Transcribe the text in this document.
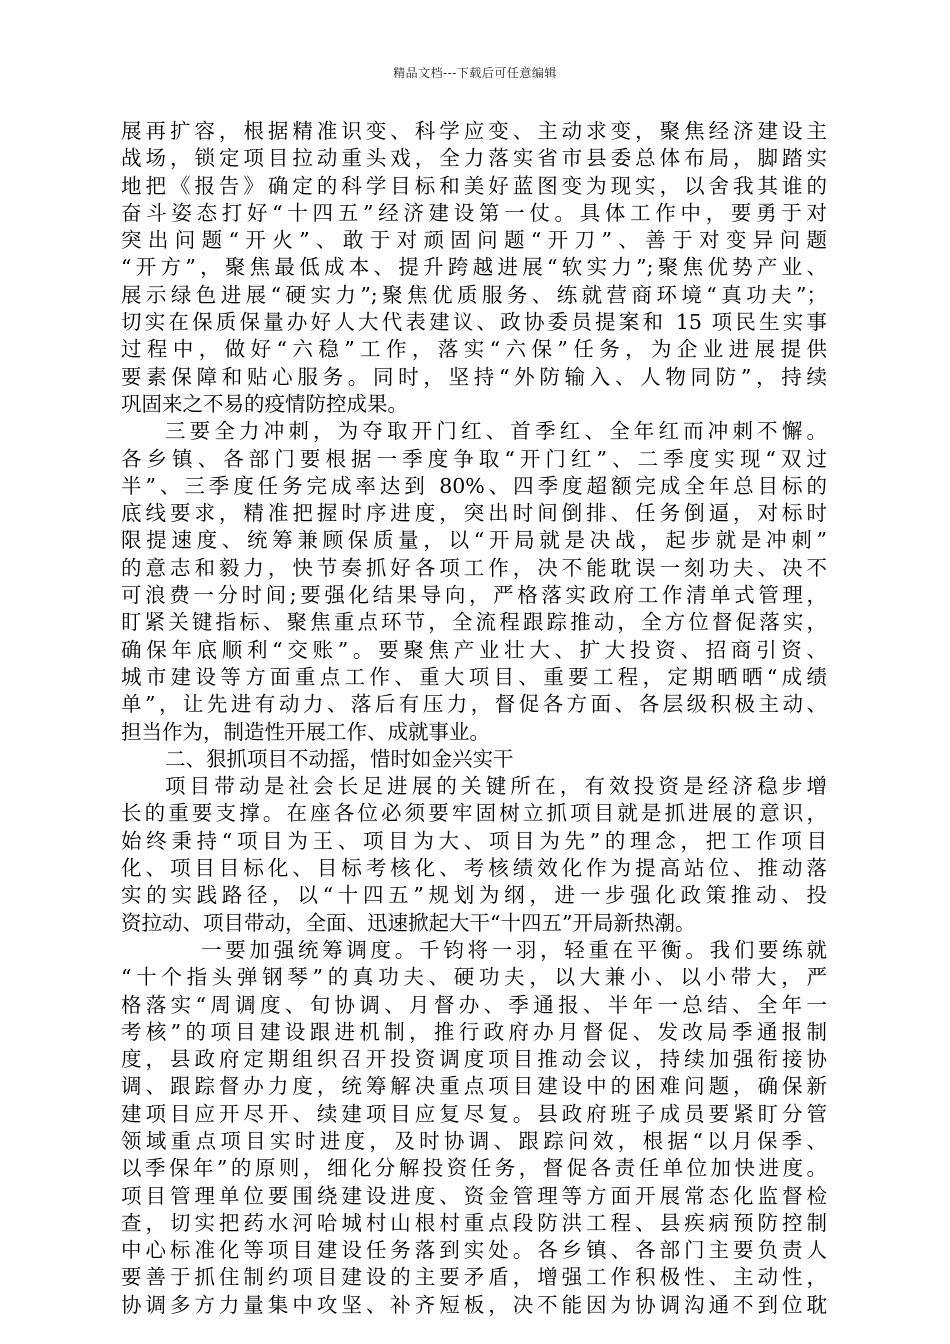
精品文档---下载后可任意编辑
展再扩容，根据精准识变、科学应变、主动求变，聚焦经济建设主
战场，锁定项目拉动重头戏，全力落实省市县委总体布局，脚踏实
地把《报告》确定的科学目标和美好蓝图变为现实，以舍我其谁的
奋斗姿态打好“十四五”经济建设第一仗。具体工作中，要勇于对
突出问题“开火”、敢于对顽固问题“开刀”、善于对变异问题
“开方”，聚焦最低成本、提升跨越进展“软实力”;聚焦优势产业、
展示绿色进展“硬实力”;聚焦优质服务、练就营商环境“真功夫”；
切实在保质保量办好人大代表建议、政协委员提案和 15 项民生实事
过程中，做好“六稳”工作，落实“六保”任务，为企业进展提供
要素保障和贴心服务。同时，坚持“外防输入、人物同防”，持续
巩固来之不易的疫情防控成果。
三要全力冲刺，为夺取开门红、首季红、全年红而冲刺不懈。
各乡镇、各部门要根据一季度争取“开门红”、二季度实现“双过
半”、三季度任务完成率达到 80%、四季度超额完成全年总目标的
底线要求，精准把握时序进度，突出时间倒排、任务倒逼，对标时
限提速度、统筹兼顾保质量，以“开局就是决战，起步就是冲刺”
的意志和毅力，快节奏抓好各项工作，决不能耽误一刻功夫、决不
可浪费一分时间;要强化结果导向，严格落实政府工作清单式管理，
盯紧关键指标、聚焦重点环节，全流程跟踪推动，全方位督促落实，
确保年底顺利“交账”。要聚焦产业壮大、扩大投资、招商引资、
城市建设等方面重点工作、重大项目、重要工程，定期晒晒“成绩
单”，让先进有动力、落后有压力，督促各方面、各层级积极主动、
担当作为，制造性开展工作、成就事业。
二、狠抓项目不动摇，惜时如金兴实干
项目带动是社会长足进展的关键所在，有效投资是经济稳步增
长的重要支撑。在座各位必须要牢固树立抓项目就是抓进展的意识，
始终秉持“项目为王、项目为大、项目为先”的理念，把工作项目
化、项目目标化、目标考核化、考核绩效化作为提高站位、推动落
实的实践路径，以“十四五”规划为纲，进一步强化政策推动、投
资拉动、项目带动，全面、迅速掀起大干“十四五”开局新热潮。
一要加强统筹调度。千钧将一羽，轻重在平衡。我们要练就
“十个指头弹钢琴”的真功夫、硬功夫，以大兼小、以小带大，严
格落实“周调度、旬协调、月督办、季通报、半年一总结、全年一
考核”的项目建设跟进机制，推行政府办月督促、发改局季通报制
度，县政府定期组织召开投资调度项目推动会议，持续加强衔接协
调、跟踪督办力度，统筹解决重点项目建设中的困难问题，确保新
建项目应开尽开、续建项目应复尽复。县政府班子成员要紧盯分管
领域重点项目实时进度，及时协调、跟踪问效，根据“以月保季、
以季保年”的原则，细化分解投资任务，督促各责任单位加快进度。
项目管理单位要围绕建设进度、资金管理等方面开展常态化监督检
查，切实把药水河哈城村山根村重点段防洪工程、县疾病预防控制
中心标准化等项目建设任务落到实处。各乡镇、各部门主要负责人
要善于抓住制约项目建设的主要矛盾，增强工作积极性、主动性，
协调多方力量集中攻坚、补齐短板，决不能因为协调沟通不到位耽
